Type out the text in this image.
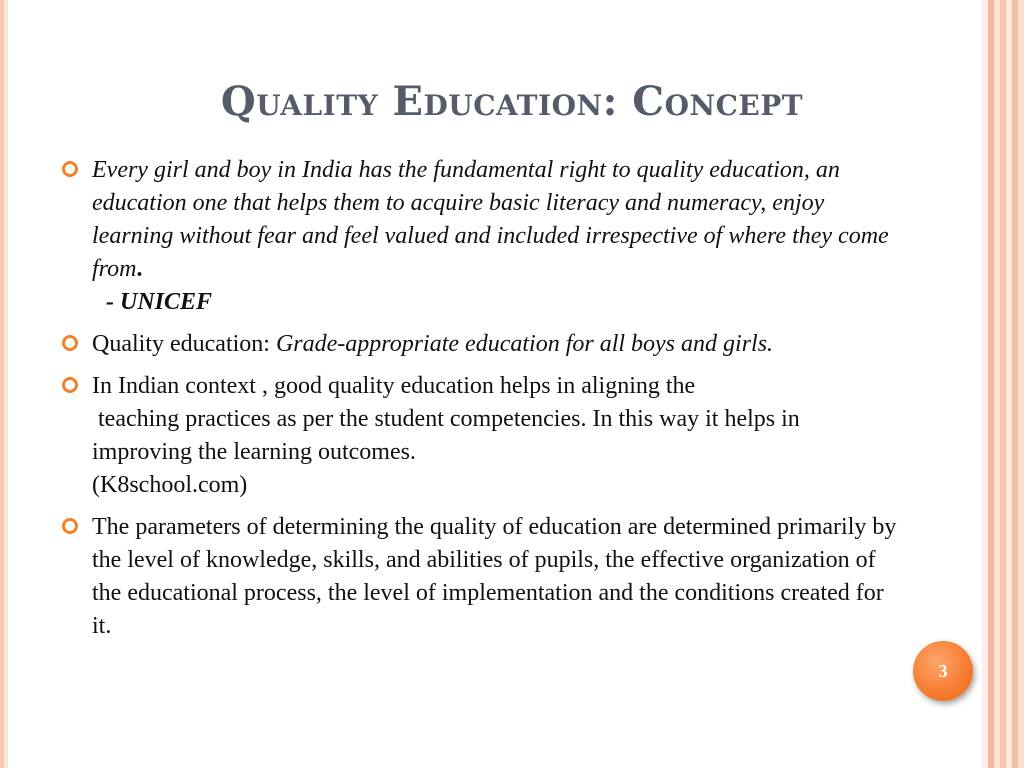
Quality Education: Concept
Every girl and boy in India has the fundamental right to quality education, an education one that helps them to acquire basic literacy and numeracy, enjoy learning without fear and feel valued and included irrespective of where they come from.
- UNICEF
Quality education: Grade-appropriate education for all boys and girls.
In Indian context , good quality education helps in aligning the
teaching practices as per the student competencies. In this way it helps in improving the learning outcomes.
(K8school.com)
The parameters of determining the quality of education are determined primarily by the level of knowledge, skills, and abilities of pupils, the effective organization of the educational process, the level of implementation and the conditions created for it.
3
